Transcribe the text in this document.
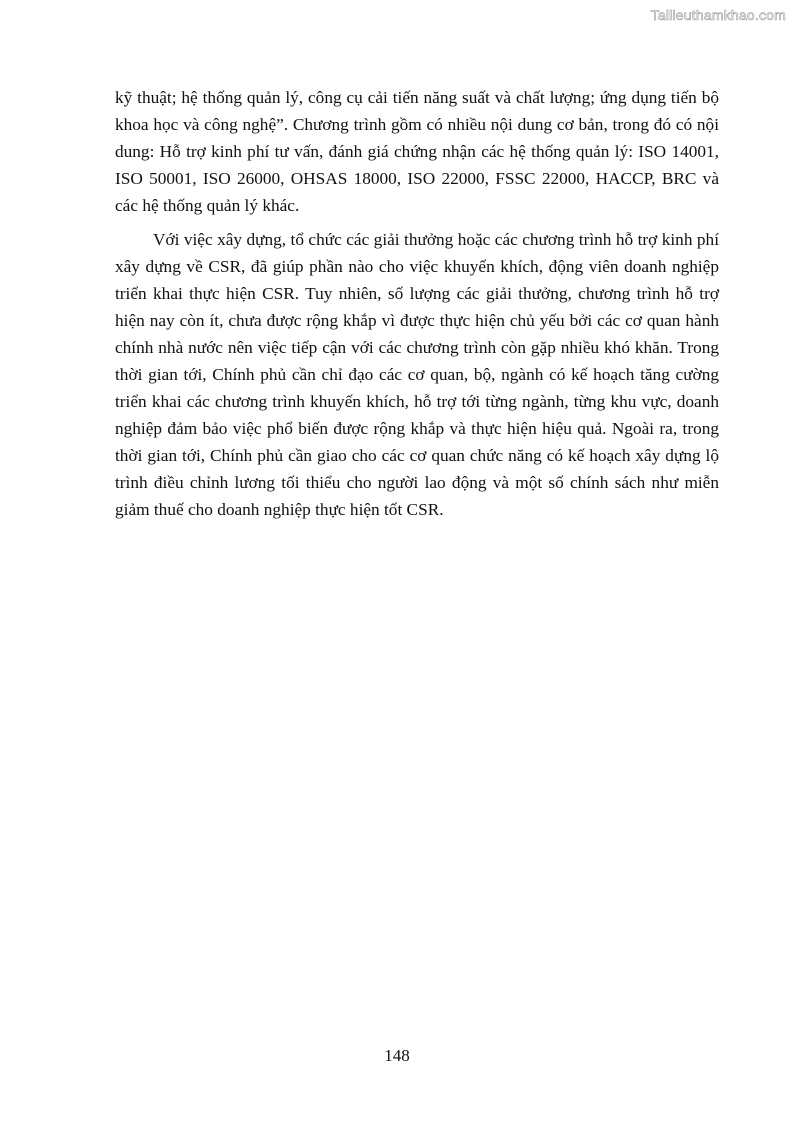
Tailieuthamkhao.com

kỹ thuật; hệ thống quản lý, công cụ cải tiến năng suất và chất lượng; ứng dụng tiến bộ khoa học và công nghệ”. Chương trình gồm có nhiều nội dung cơ bản, trong đó có nội dung: Hỗ trợ kinh phí tư vấn, đánh giá chứng nhận các hệ thống quản lý: ISO 14001, ISO 50001, ISO 26000, OHSAS 18000, ISO 22000, FSSC 22000, HACCP, BRC và các hệ thống quản lý khác.

Với việc xây dựng, tổ chức các giải thưởng hoặc các chương trình hỗ trợ kinh phí xây dựng về CSR, đã giúp phần nào cho việc khuyến khích, động viên doanh nghiệp triển khai thực hiện CSR. Tuy nhiên, số lượng các giải thưởng, chương trình hỗ trợ hiện nay còn ít, chưa được rộng khắp vì được thực hiện chủ yếu bởi các cơ quan hành chính nhà nước nên việc tiếp cận với các chương trình còn gặp nhiều khó khăn. Trong thời gian tới, Chính phủ cần chỉ đạo các cơ quan, bộ, ngành có kế hoạch tăng cường triển khai các chương trình khuyến khích, hỗ trợ tới từng ngành, từng khu vực, doanh nghiệp đảm bảo việc phổ biến được rộng khắp và thực hiện hiệu quả. Ngoài ra, trong thời gian tới, Chính phủ cần giao cho các cơ quan chức năng có kế hoạch xây dựng lộ trình điều chỉnh lương tối thiểu cho người lao động và một số chính sách như miễn giảm thuế cho doanh nghiệp thực hiện tốt CSR.

148
